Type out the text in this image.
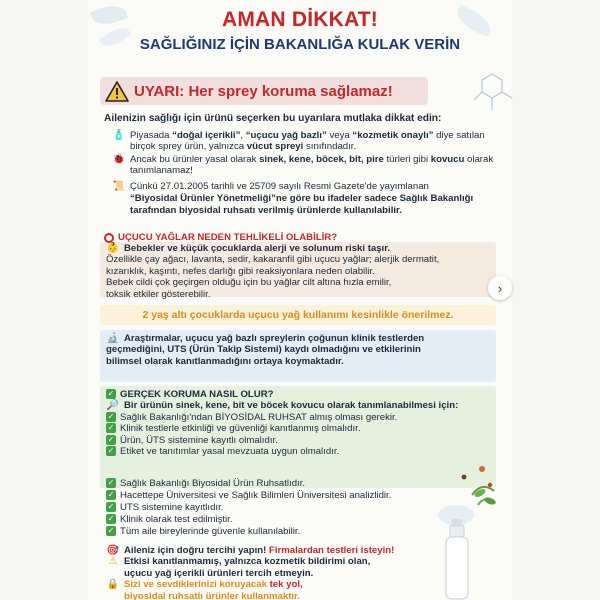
AMAN DİKKAT!
SAĞLIĞINIZ İÇİN BAKANLIĞA KULAK VERİN
UYARI: Her sprey koruma sağlamaz!
Ailenizin sağlığı için ürünü seçerken bu uyarılara mutlaka dikkat edin:
🧴 Piyasada “doğal içerikli”, “uçucu yağ bazlı” veya “kozmetik onaylı” diye satılan birçok sprey ürün, yalnızca vücut spreyi sınıfındadır.
🐞 Ancak bu ürünler yasal olarak sinek, kene, böcek, bit, pire türleri gibi kovucu olarak tanımlanamaz!
📜 Çünkü 27.01.2005 tarihli ve 25709 sayılı Resmi Gazete'de yayımlanan
“Biyosidal Ürünler Yönetmeliği”ne göre bu ifadeler sadece Sağlık Bakanlığı
tarafından biyosidal ruhsatı verilmiş ürünlerde kullanılabilir.
UÇUCU YAĞLAR NEDEN TEHLİKELİ OLABİLİR?
👶 Bebekler ve küçük çocuklarda alerji ve solunum riski taşır.
Özellikle çay ağacı, lavanta, sedir, kakaranfil gibi uçucu yağlar; alerjik dermatit,
kızarıklık, kaşıntı, nefes darlığı gibi reaksiyonlara neden olabilir.
Bebek cildi çok geçirgen olduğu için bu yağlar cilt altına hızla emilir,
toksik etkiler gösterebilir.	›
2 yaş altı çocuklarda uçucu yağ kullanımı kesinlikle önerilmez.
🔬 Araştırmalar, uçucu yağ bazlı spreylerin çoğunun klinik testlerden
geçmediğini, UTS (Ürün Takip Sistemi) kaydı olmadığını ve etkilerinin
bilimsel olarak kanıtlanmadığını ortaya koymaktadır.
✓ GERÇEK KORUMA NASIL OLUR?
🔎 Bir ürünün sinek, kene, bit ve böcek kovucu olarak tanımlanabilmesi için:
✓ Sağlık Bakanlığı'ndan BİYOSİDAL RUHSAT almış olması gerekir.
✓ Klinik testlerle etkinliği ve güvenliği kanıtlanmış olmalıdır.
✓ Ürün, ÜTS sistemine kayıtlı olmalıdır.
✓ Etiket ve tanıtımlar yasal mevzuata uygun olmalıdır.
✓ Sağlık Bakanlığı Biyosidal Ürün Ruhsatlıdır.
✓ Hacettepe Üniversitesi ve Sağlık Bilimleri Üniversitesi analizlidir.
✓ UTS sistemine kayıtlıdır.
✓ Klinik olarak test edilmiştir.
✓ Tüm aile bireylerinde güvenle kullanılabilir.
🎯 Aileniz için doğru tercihi yapın! Firmalardan testleri isteyin!
⚠ Etkisi kanıtlanmamış, yalnızca kozmetik bildirimi olan,
uçucu yağ içerikli ürünleri tercih etmeyin.
🔒 Sizi ve sevdiklerinizi koruyacak tek yol,
biyosidal ruhsatlı ürünler kullanmaktır.
